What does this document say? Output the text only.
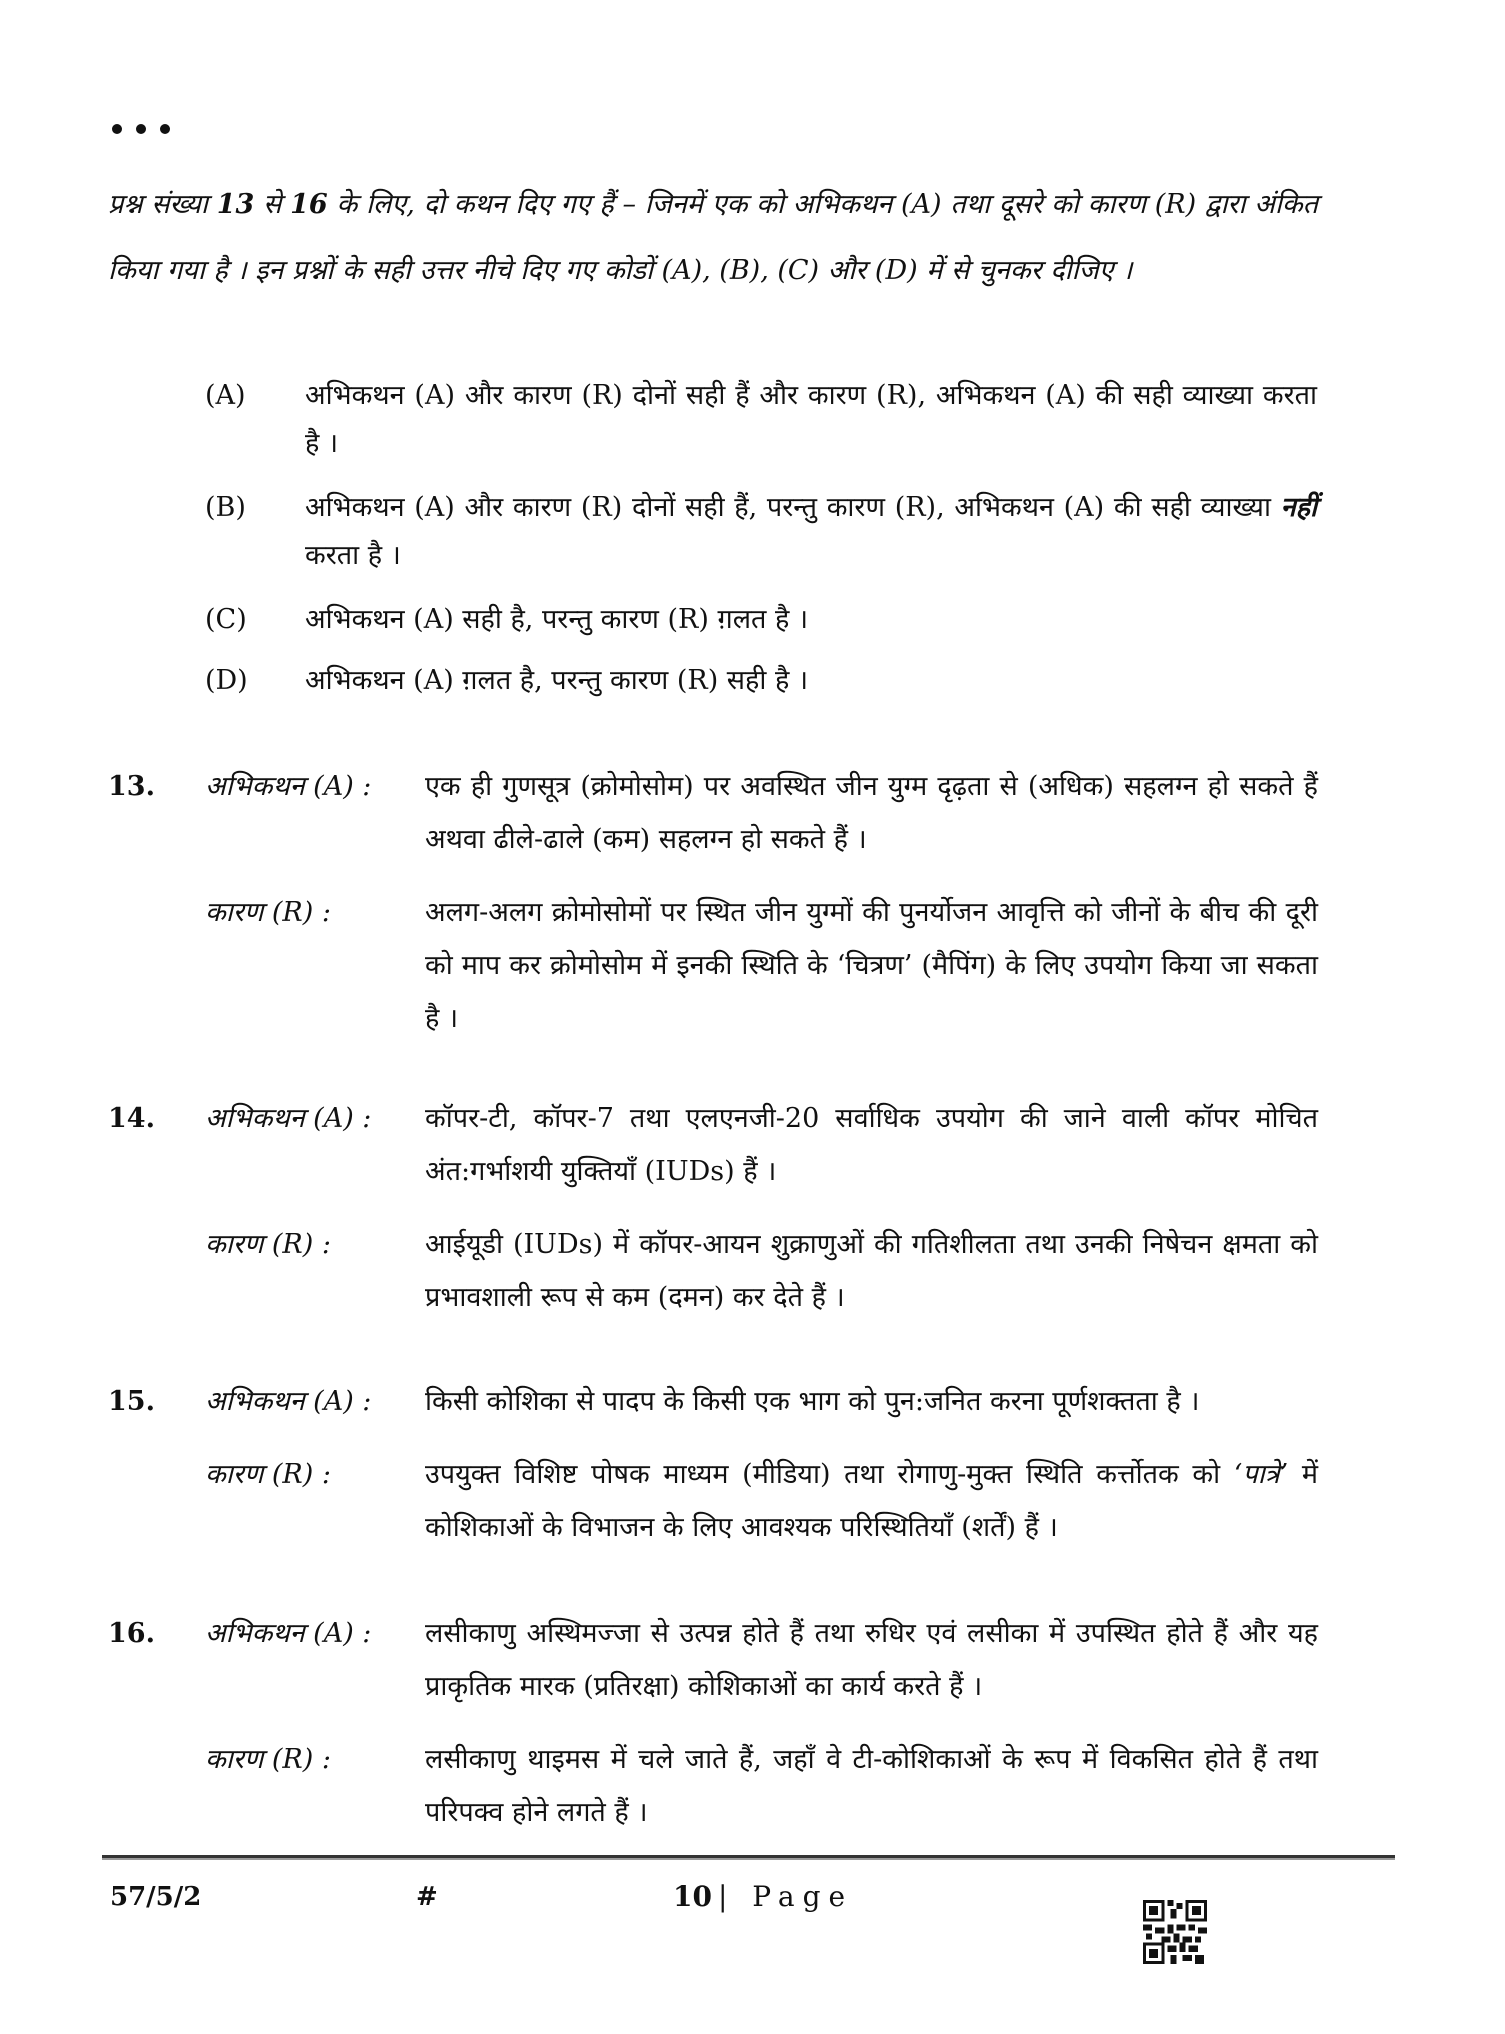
प्रश्न संख्या 13 से 16 के लिए, दो कथन दिए गए हैं – जिनमें एक को अभिकथन (A) तथा दूसरे को कारण (R) द्वारा अंकित किया गया है । इन प्रश्नों के सही उत्तर नीचे दिए गए कोडों (A), (B), (C) और (D) में से चुनकर दीजिए ।
(A) अभिकथन (A) और कारण (R) दोनों सही हैं और कारण (R), अभिकथन (A) की सही व्याख्या करता है ।
(B) अभिकथन (A) और कारण (R) दोनों सही हैं, परन्तु कारण (R), अभिकथन (A) की सही व्याख्या नहीं करता है ।
(C) अभिकथन (A) सही है, परन्तु कारण (R) ग़लत है ।
(D) अभिकथन (A) ग़लत है, परन्तु कारण (R) सही है ।
13. अभिकथन (A) : एक ही गुणसूत्र (क्रोमोसोम) पर अवस्थित जीन युग्म दृढ़ता से (अधिक) सहलग्न हो सकते हैं अथवा ढीले-ढाले (कम) सहलग्न हो सकते हैं ।
कारण (R) :	अलग-अलग क्रोमोसोमों पर स्थित जीन युग्मों की पुनर्योजन आवृत्ति को जीनों के बीच की दूरी को माप कर क्रोमोसोम में इनकी स्थिति के ‘चित्रण’ (मैपिंग) के लिए उपयोग किया जा सकता है ।
14. अभिकथन (A) : कॉपर-टी, कॉपर-7 तथा एलएनजी-20 सर्वाधिक उपयोग की जाने वाली कॉपर मोचित अंत:गर्भाशयी युक्तियाँ (IUDs) हैं ।
कारण (R) :	आईयूडी (IUDs) में कॉपर-आयन शुक्राणुओं की गतिशीलता तथा उनकी निषेचन क्षमता को प्रभावशाली रूप से कम (दमन) कर देते हैं ।
15. अभिकथन (A) : किसी कोशिका से पादप के किसी एक भाग को पुन:जनित करना पूर्णशक्तता है ।
कारण (R) :	उपयुक्त विशिष्ट पोषक माध्यम (मीडिया) तथा रोगाणु-मुक्त स्थिति कर्त्तोतक को ‘पात्रे’ में कोशिकाओं के विभाजन के लिए आवश्यक परिस्थितियाँ (शर्तें) हैं ।
16. अभिकथन (A) : लसीकाणु अस्थिमज्जा से उत्पन्न होते हैं तथा रुधिर एवं लसीका में उपस्थित होते हैं और यह प्राकृतिक मारक (प्रतिरक्षा) कोशिकाओं का कार्य करते हैं ।
कारण (R) :	लसीकाणु थाइमस में चले जाते हैं, जहाँ वे टी-कोशिकाओं के रूप में विकसित होते हैं तथा परिपक्व होने लगते हैं ।
57/5/2	#	10 | Page
